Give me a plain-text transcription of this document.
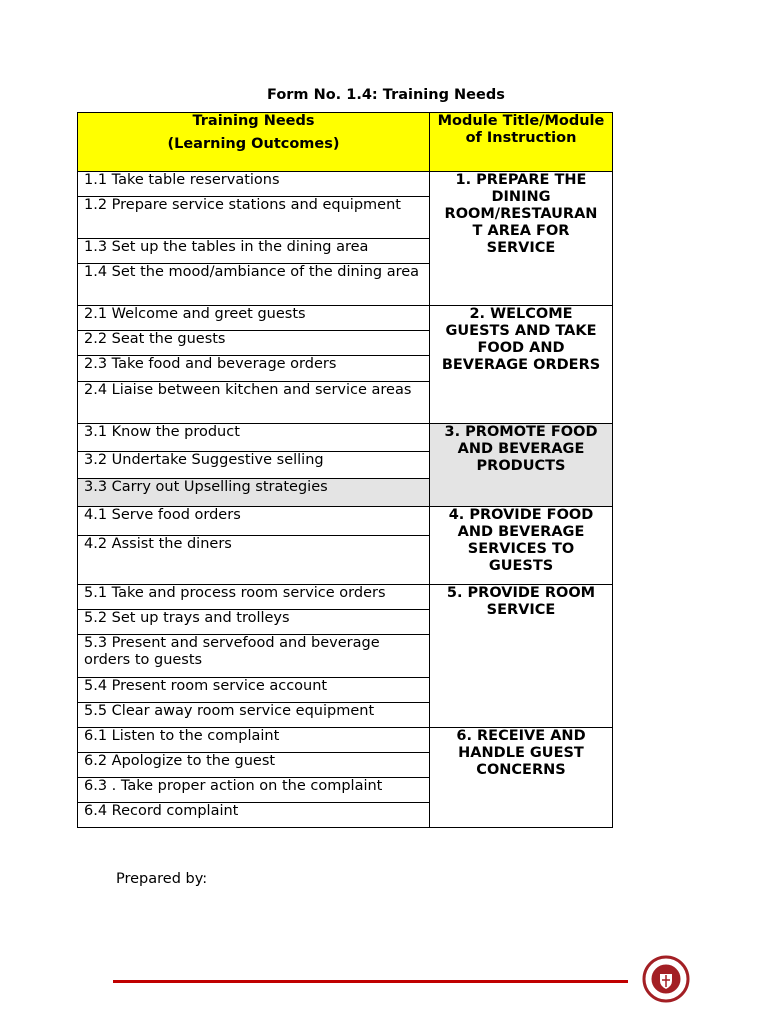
Form No. 1.4: Training Needs
Training Needs
(Learning Outcomes)	Module Title/Module of Instruction
1.1 Take table reservations	1. PREPARE THE
DINING
ROOM/RESTAURAN
T AREA FOR
SERVICE
1.2 Prepare service stations and equipment	
1.3 Set up the tables in the dining area	
1.4 Set the mood/ambiance of the dining area	
2.1 Welcome and greet guests	2. WELCOME
GUESTS AND TAKE
FOOD AND
BEVERAGE ORDERS
2.2 Seat the guests	
2.3 Take food and beverage orders	
2.4 Liaise between kitchen and service areas	
3.1 Know the product	3. PROMOTE FOOD
AND BEVERAGE
PRODUCTS
3.2 Undertake Suggestive selling	
3.3 Carry out Upselling strategies	
4.1 Serve food orders	4. PROVIDE FOOD
AND BEVERAGE
SERVICES TO
GUESTS
4.2 Assist the diners	
5.1 Take and process room service orders	5. PROVIDE ROOM
SERVICE
5.2 Set up trays and trolleys	
5.3 Present and servefood and beverage orders to guests	
5.4 Present room service account	
5.5 Clear away room service equipment	
6.1 Listen to the complaint	6. RECEIVE AND
HANDLE GUEST
CONCERNS
6.2 Apologize to the guest	
6.3 . Take proper action on the complaint	
6.4 Record complaint	
Prepared by:
